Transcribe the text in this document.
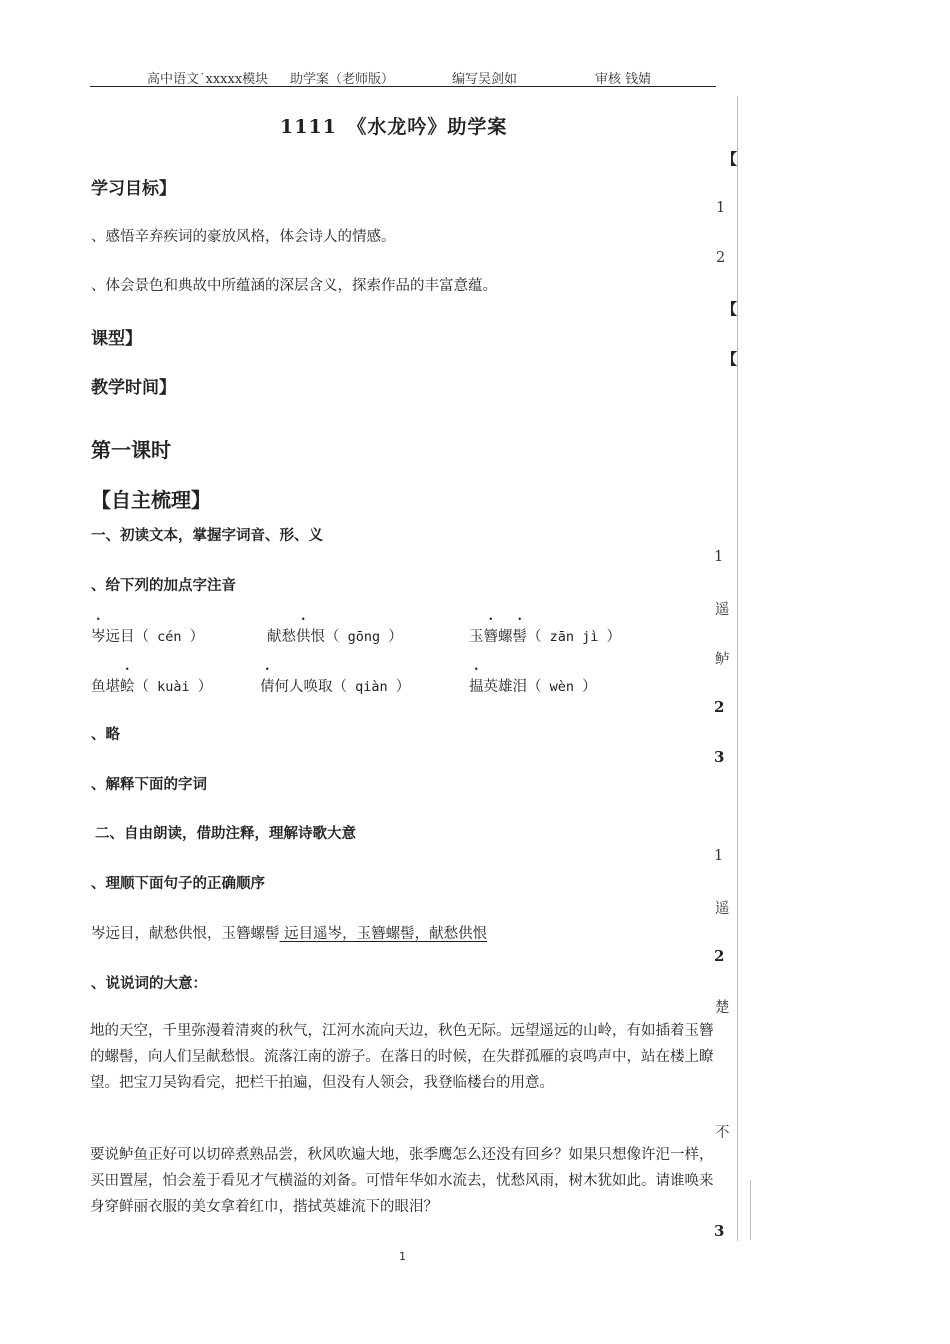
高中语文˙xxxxx模块 助学案（老师版）	编写吴剑如	审核 钱婧
1111　《水龙吟》助学案
学习目标】
、感悟辛弃疾词的豪放风格，体会诗人的情感。
、体会景色和典故中所蕴涵的深层含义，探索作品的丰富意蕴。
课型】
教学时间】
第一课时
【自主梳理】
一、初读文本，掌握字词音、形、义
、给下列的加点字注音
岑远目（ cén ）	献愁供恨（ gōng ）	玉簪螺髻（ zān jì ）
鱼堪鲙（ kuài ）	倩何人唤取（ qiàn ）	揾英雄泪（ wèn ）
、略
、解释下面的字词
二、自由朗读，借助注释，理解诗歌大意
、理顺下面句子的正确顺序
岑远目，献愁供恨，玉簪螺髻 远目遥岑，玉簪螺髻，献愁供恨
、说说词的大意：
地的天空，千里弥漫着清爽的秋气，江河水流向天边，秋色无际。远望遥远的山岭，有如插着玉簪的螺髻，向人们呈献愁恨。流落江南的游子。在落日的时候，在失群孤雁的哀鸣声中，站在楼上瞭望。把宝刀吴钩看完，把栏干拍遍，但没有人领会，我登临楼台的用意。
要说鲈鱼正好可以切碎煮熟品尝，秋风吹遍大地，张季鹰怎么还没有回乡？如果只想像许汜一样，买田置屋，怕会羞于看见才气横溢的刘备。可惜年华如水流去，忧愁风雨，树木犹如此。请谁唤来身穿鲜丽衣服的美女拿着红巾，揩拭英雄流下的眼泪？
【
1
2
【
【
1
遥
鲈
2
3
1
遥
2
楚
不
3
1
